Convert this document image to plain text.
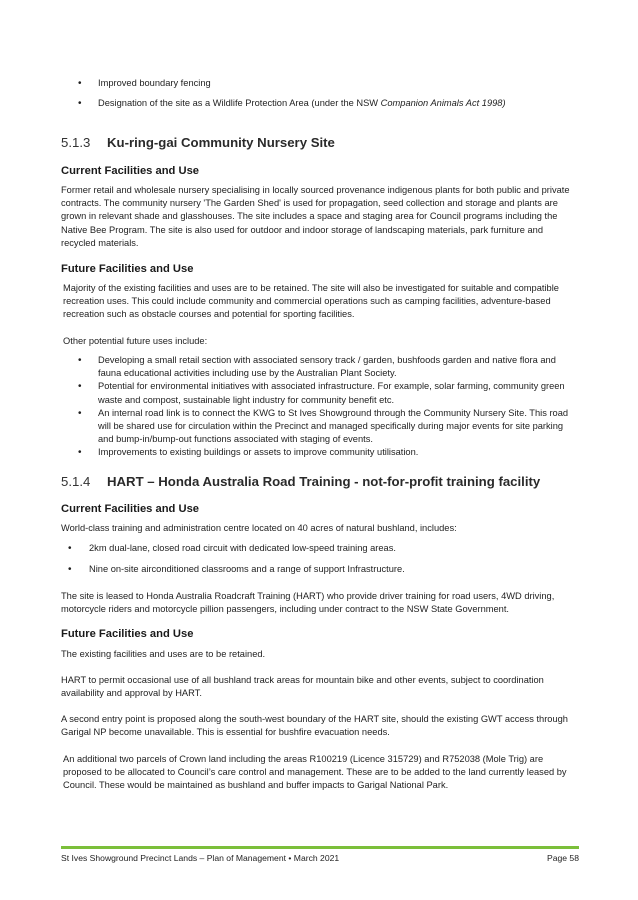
• Improved boundary fencing
• Designation of the site as a Wildlife Protection Area (under the NSW Companion Animals Act 1998)
5.1.3 Ku-ring-gai Community Nursery Site
Current Facilities and Use

Former retail and wholesale nursery specialising in locally sourced provenance indigenous plants for both public and private contracts. The community nursery 'The Garden Shed' is used for propagation, seed collection and storage and plants are grown in relevant shade and glasshouses. The site includes a space and staging area for Council programs including the Native Bee Program. The site is also used for outdoor and indoor storage of landscaping materials, park furniture and recycled materials.

Future Facilities and Use

Majority of the existing facilities and uses are to be retained. The site will also be investigated for suitable and compatible recreation uses. This could include community and commercial operations such as camping facilities, adventure-based recreation such as obstacle courses and potential for sporting facilities.

Other potential future uses include:

• Developing a small retail section with associated sensory track / garden, bushfoods garden and native flora and fauna educational activities including use by the Australian Plant Society.
• Potential for environmental initiatives with associated infrastructure. For example, solar farming, community green waste and compost, sustainable light industry for community benefit etc.
• An internal road link is to connect the KWG to St Ives Showground through the Community Nursery Site. This road will be shared use for circulation within the Precinct and managed specifically during major events for site parking and bump-in/bump-out functions associated with staging of events.
• Improvements to existing buildings or assets to improve community utilisation.
5.1.4 HART – Honda Australia Road Training - not-for-profit training facility
Current Facilities and Use

World-class training and administration centre located on 40 acres of natural bushland, includes:

• 2km dual-lane, closed road circuit with dedicated low-speed training areas.
• Nine on-site airconditioned classrooms and a range of support Infrastructure.

The site is leased to Honda Australia Roadcraft Training (HART) who provide driver training for road users, 4WD driving, motorcycle riders and motorcycle pillion passengers, including under contract to the NSW State Government.

Future Facilities and Use

The existing facilities and uses are to be retained.

HART to permit occasional use of all bushland track areas for mountain bike and other events, subject to coordination availability and approval by HART.

A second entry point is proposed along the south-west boundary of the HART site, should the existing GWT access through Garigal NP become unavailable. This is essential for bushfire evacuation needs.

An additional two parcels of Crown land including the areas R100219 (Licence 315729) and R752038 (Mole Trig) are proposed to be allocated to Council’s care control and management. These are to be added to the land currently leased by Council. These would be maintained as bushland and buffer impacts to Garigal National Park.

St Ives Showground Precinct Lands – Plan of Management • March 2021	Page 58
